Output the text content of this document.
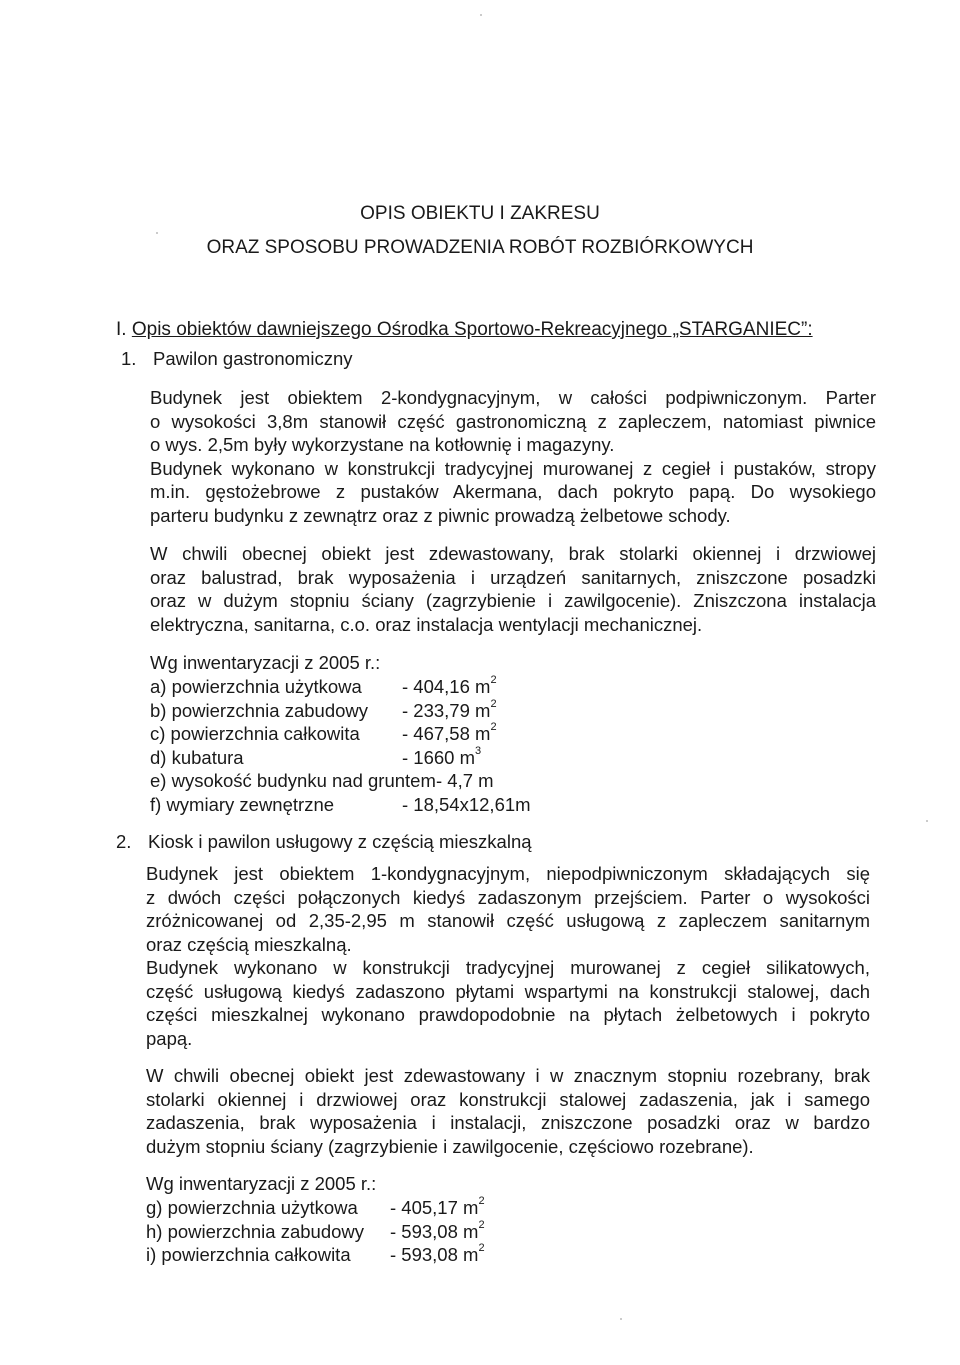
OPIS OBIEKTU I ZAKRESU
ORAZ SPOSOBU PROWADZENIA ROBÓT ROZBIÓRKOWYCH
I. Opis obiektów dawniejszego Ośrodka Sportowo-Rekreacyjnego „STARGANIEC”:
1. Pawilon gastronomiczny
Budynek jest obiektem 2-kondygnacyjnym, w całości podpiwniczonym. Parter
o wysokości 3,8m stanowił część gastronomiczną z zapleczem, natomiast piwnice
o wys. 2,5m były wykorzystane na kotłownię i magazyny.
Budynek wykonano w konstrukcji tradycyjnej murowanej z cegieł i pustaków, stropy
m.in. gęstożebrowe z pustaków Akermana, dach pokryto papą. Do wysokiego
parteru budynku z zewnątrz oraz z piwnic prowadzą żelbetowe schody.
W chwili obecnej obiekt jest zdewastowany, brak stolarki okiennej i drzwiowej
oraz balustrad, brak wyposażenia i urządzeń sanitarnych, zniszczone posadzki
oraz w dużym stopniu ściany (zagrzybienie i zawilgocenie). Zniszczona instalacja
elektryczna, sanitarna, c.o. oraz instalacja wentylacji mechanicznej.
Wg inwentaryzacji z 2005 r.:
a) powierzchnia użytkowa - 404,16 $m^2$
b) powierzchnia zabudowy - 233,79 $m^2$
c) powierzchnia całkowita - 467,58 $m^2$
d) kubatura	- 1660 $m^3$
e) wysokość budynku nad gruntem - 4,7 m
f) wymiary zewnętrzne	- 18,54x12,61m
2. Kiosk i pawilon usługowy z częścią mieszkalną
Budynek jest obiektem 1-kondygnacyjnym, niepodpiwniczonym składających się
z dwóch części połączonych kiedyś zadaszonym przejściem. Parter o wysokości
zróżnicowanej od 2,35-2,95 m stanowił część usługową z zapleczem sanitarnym
oraz częścią mieszkalną.
Budynek wykonano w konstrukcji tradycyjnej murowanej z cegieł silikatowych,
część usługową kiedyś zadaszono płytami wspartymi na konstrukcji stalowej, dach
części mieszkalnej wykonano prawdopodobnie na płytach żelbetowych i pokryto
papą.
W chwili obecnej obiekt jest zdewastowany i w znacznym stopniu rozebrany, brak
stolarki okiennej i drzwiowej oraz konstrukcji stalowej zadaszenia, jak i samego
zadaszenia, brak wyposażenia i instalacji, zniszczone posadzki oraz w bardzo
dużym stopniu ściany (zagrzybienie i zawilgocenie, częściowo rozebrane).
Wg inwentaryzacji z 2005 r.:
g) powierzchnia użytkowa - 405,17 $m^2$
h) powierzchnia zabudowy - 593,08 $m^2$
i) powierzchnia całkowita - 593,08 $m^2$
